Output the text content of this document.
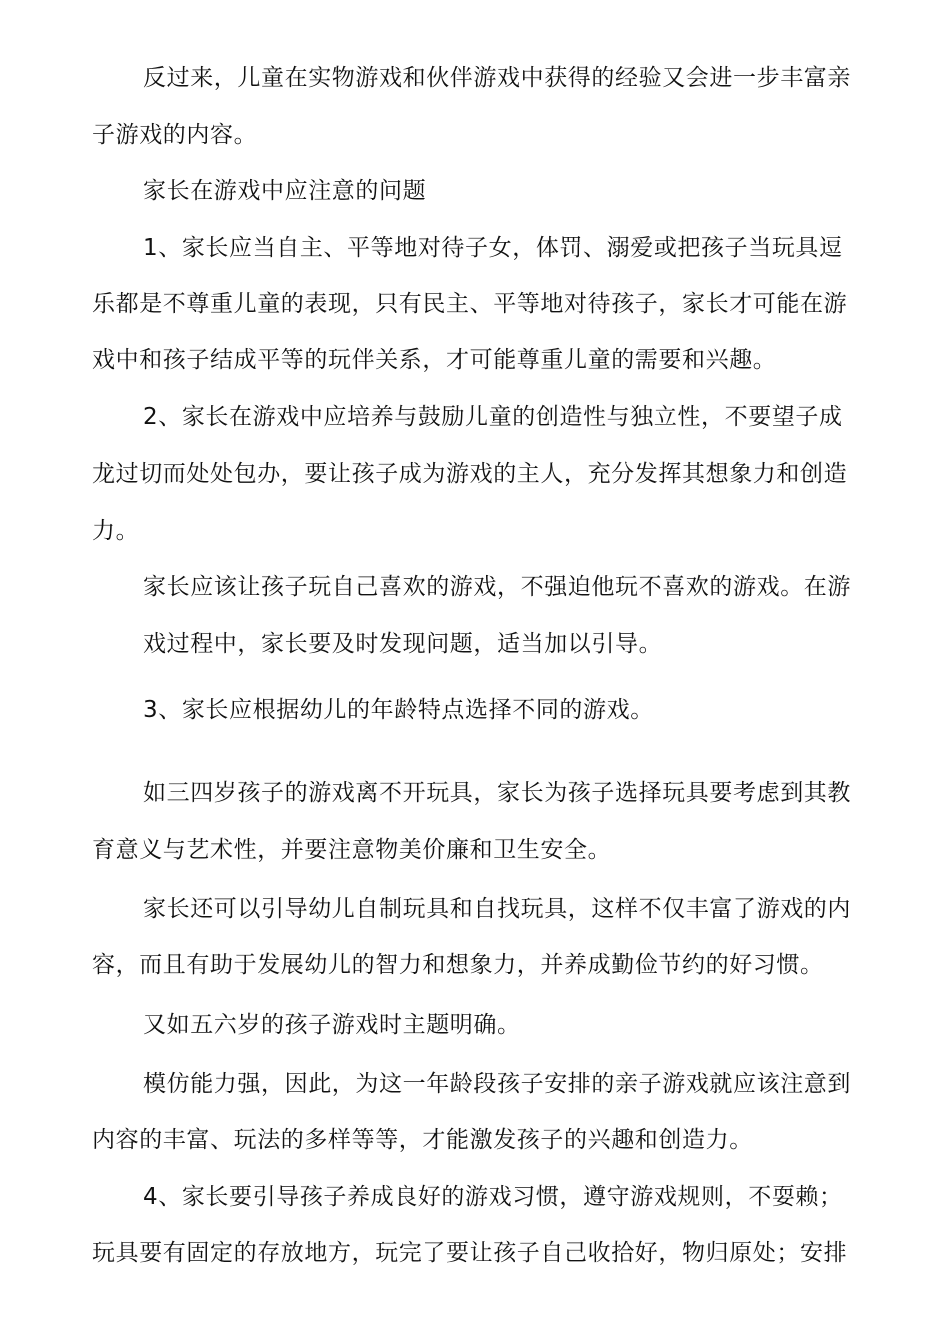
反过来，儿童在实物游戏和伙伴游戏中获得的经验又会进一步丰富亲
子游戏的内容。
家长在游戏中应注意的问题
1、家长应当自主、平等地对待子女，体罚、溺爱或把孩子当玩具逗
乐都是不尊重儿童的表现，只有民主、平等地对待孩子，家长才可能在游
戏中和孩子结成平等的玩伴关系，才可能尊重儿童的需要和兴趣。
2、家长在游戏中应培养与鼓励儿童的创造性与独立性，不要望子成
龙过切而处处包办，要让孩子成为游戏的主人，充分发挥其想象力和创造
力。
家长应该让孩子玩自己喜欢的游戏，不强迫他玩不喜欢的游戏。在游
戏过程中，家长要及时发现问题，适当加以引导。
3、家长应根据幼儿的年龄特点选择不同的游戏。
如三四岁孩子的游戏离不开玩具，家长为孩子选择玩具要考虑到其教
育意义与艺术性，并要注意物美价廉和卫生安全。
家长还可以引导幼儿自制玩具和自找玩具，这样不仅丰富了游戏的内
容，而且有助于发展幼儿的智力和想象力，并养成勤俭节约的好习惯。
又如五六岁的孩子游戏时主题明确。
模仿能力强，因此，为这一年龄段孩子安排的亲子游戏就应该注意到
内容的丰富、玩法的多样等等，才能激发孩子的兴趣和创造力。
4、家长要引导孩子养成良好的游戏习惯，遵守游戏规则，不耍赖；
玩具要有固定的存放地方，玩完了要让孩子自己收拾好，物归原处；安排
